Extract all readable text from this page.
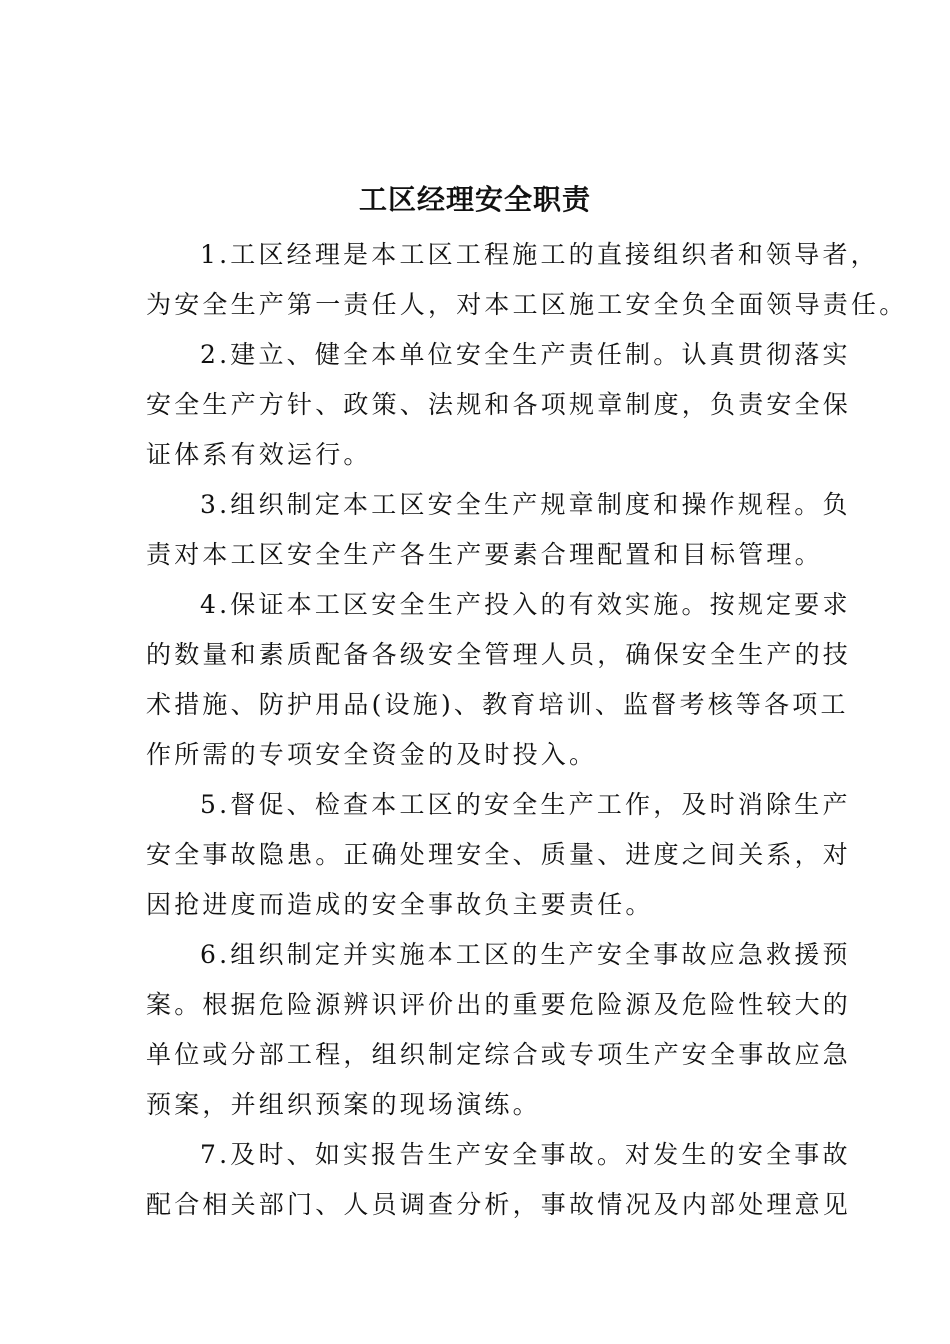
工区经理安全职责
1.工区经理是本工区工程施工的直接组织者和领导者，
为安全生产第一责任人，对本工区施工安全负全面领导责任。
2.建立、健全本单位安全生产责任制。认真贯彻落实
安全生产方针、政策、法规和各项规章制度，负责安全保
证体系有效运行。
3.组织制定本工区安全生产规章制度和操作规程。负
责对本工区安全生产各生产要素合理配置和目标管理。
4.保证本工区安全生产投入的有效实施。按规定要求
的数量和素质配备各级安全管理人员，确保安全生产的技
术措施、防护用品(设施)、教育培训、监督考核等各项工
作所需的专项安全资金的及时投入。
5.督促、检查本工区的安全生产工作，及时消除生产
安全事故隐患。正确处理安全、质量、进度之间关系，对
因抢进度而造成的安全事故负主要责任。
6.组织制定并实施本工区的生产安全事故应急救援预
案。根据危险源辨识评价出的重要危险源及危险性较大的
单位或分部工程，组织制定综合或专项生产安全事故应急
预案，并组织预案的现场演练。
7.及时、如实报告生产安全事故。对发生的安全事故
配合相关部门、人员调查分析，事故情况及内部处理意见
